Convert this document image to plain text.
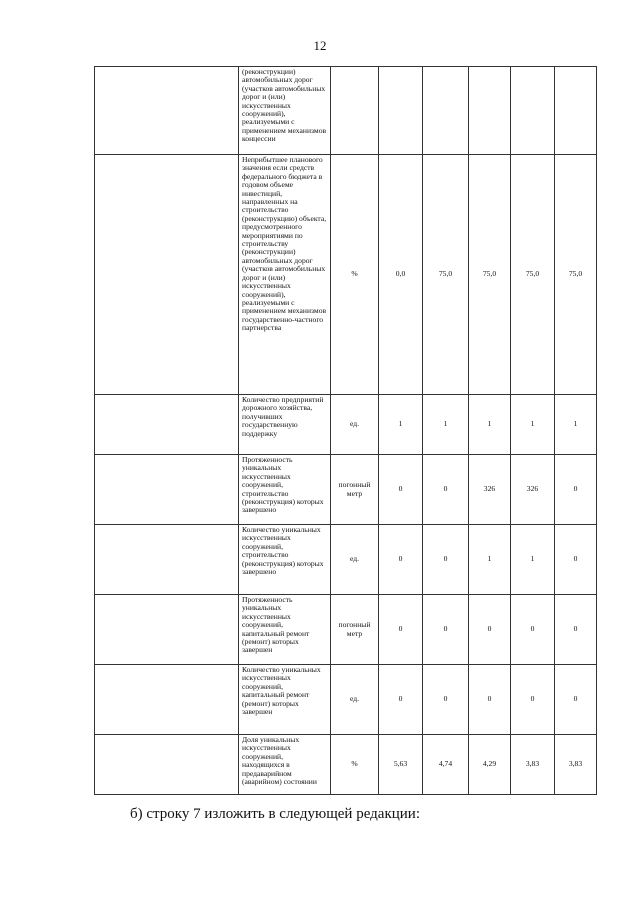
12
	(реконструкции) автомобильных дорог (участков автомобильных дорог и (или) искусственных сооружений), реализуемыми с применением механизмов концессии						
	Неприбытшее планового значения если средств федерального бюджета в годовом объеме инвестиций, направленных на строительство (реконструкцию) объекта, предусмотренного мероприятиями по строительству (реконструкции) автомобильных дорог (участков автомобильных дорог и (или) искусственных сооружений), реализуемыми с применением механизмов государственно-частного партнерства	%	0,0	75,0	75,0	75,0	75,0
	Количество предприятий дорожного хозяйства, получивших государственную поддержку	ед.	1	1	1	1	1
	Протяженность уникальных искусственных сооружений, строительство (реконструкция) которых завершено	погонный метр	0	0	326	326	0
	Количество уникальных искусственных сооружений, строительство (реконструкция) которых завершено	ед.	0	0	1	1	0
	Протяженность уникальных искусственных сооружений, капитальный ремонт (ремонт) которых завершен	погонный метр	0	0	0	0	0
	Количество уникальных искусственных сооружений, капитальный ремонт (ремонт) которых завершен	ед.	0	0	0	0	0
	Доля уникальных искусственных сооружений, находящихся в предаварийном (аварийном) состоянии	%	5,63	4,74	4,29	3,83	3,83
б) строку 7 изложить в следующей редакции:
